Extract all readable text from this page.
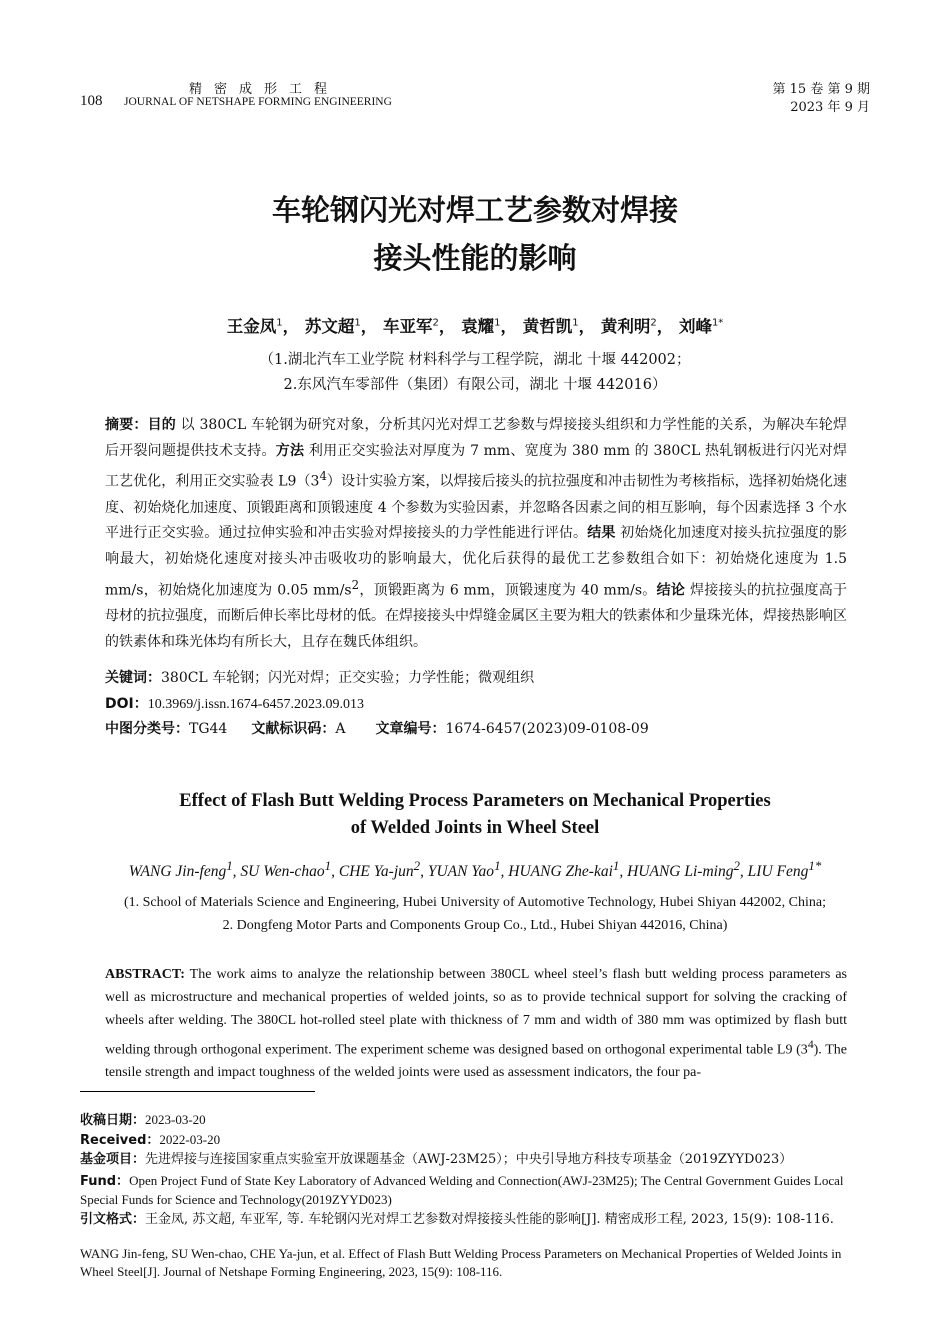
108
精密成形工程
JOURNAL OF NETSHAPE FORMING ENGINEERING
第 15 卷 第 9 期
2023 年 9 月
车轮钢闪光对焊工艺参数对焊接
接头性能的影响
王金凤$^1$， 苏文超$^1$， 车亚军$^2$， 袁耀$^1$， 黄哲凯$^1$， 黄利明$^2$， 刘峰$^{1*}$
（1.湖北汽车工业学院 材料科学与工程学院，湖北 十堰 442002；
2.东风汽车零部件（集团）有限公司，湖北 十堰 442016）
摘要：目的 以 380CL 车轮钢为研究对象，分析其闪光对焊工艺参数与焊接接头组织和力学性能的关系，为解决车轮焊后开裂问题提供技术支持。方法 利用正交实验法对厚度为 7 mm、宽度为 380 mm 的 380CL 热轧钢板进行闪光对焊工艺优化，利用正交实验表 $L9(3^4)$设计实验方案，以焊接后接头的抗拉强度和冲击韧性为考核指标，选择初始烧化速度、初始烧化加速度、顶锻距离和顶锻速度 4 个参数为实验因素，并忽略各因素之间的相互影响，每个因素选择 3 个水平进行正交实验。通过拉伸实验和冲击实验对焊接接头的力学性能进行评估。结果 初始烧化加速度对接头抗拉强度的影响最大，初始烧化速度对接头冲击吸收功的影响最大，优化后获得的最优工艺参数组合如下：初始烧化速度为 1.5 mm/s，初始烧化加速度为 0.05 $mm/s^2$，顶锻距离为 6 mm，顶锻速度为 40 mm/s。结论 焊接接头的抗拉强度高于母材的抗拉强度，而断后伸长率比母材的低。在焊接接头中焊缝金属区主要为粗大的铁素体和少量珠光体，焊接热影响区的铁素体和珠光体均有所长大，且存在魏氏体组织。
关键词：380CL 车轮钢；闪光对焊；正交实验；力学性能；微观组织
DOI：10.3969/j.issn.1674-6457.2023.09.013
中图分类号：TG44 文献标识码：A 文章编号：1674-6457(2023)09-0108-09
Effect of Flash Butt Welding Process Parameters on Mechanical Properties
of Welded Joints in Wheel Steel
WANG Jin-feng$^1$, SU Wen-chao$^1$, CHE Ya-jun$^2$, YUAN Yao$^1$, HUANG Zhe-kai$^1$, HUANG Li-ming$^2$, LIU Feng$^{1*}$
(1. School of Materials Science and Engineering, Hubei University of Automotive Technology, Hubei Shiyan 442002, China;
2. Dongfeng Motor Parts and Components Group Co., Ltd., Hubei Shiyan 442016, China)
ABSTRACT: The work aims to analyze the relationship between 380CL wheel steel’s flash butt welding process parameters as well as microstructure and mechanical properties of welded joints, so as to provide technical support for solving the cracking of wheels after welding. The 380CL hot-rolled steel plate with thickness of 7 mm and width of 380 mm was optimized by flash butt welding through orthogonal experiment. The experiment scheme was designed based on orthogonal experimental table L9 $(3^4)$. The tensile strength and impact toughness of the welded joints were used as assessment indicators, the four pa-
收稿日期：2023-03-20
Received：2022-03-20
基金项目：先进焊接与连接国家重点实验室开放课题基金（AWJ-23M25）；中央引导地方科技专项基金（2019ZYYD023）
Fund：Open Project Fund of State Key Laboratory of Advanced Welding and Connection(AWJ-23M25); The Central Government Guides Local Special Funds for Science and Technology(2019ZYYD023)
引文格式：王金凤, 苏文超, 车亚军, 等. 车轮钢闪光对焊工艺参数对焊接接头性能的影响[J]. 精密成形工程, 2023, 15(9): 108-116.
WANG Jin-feng, SU Wen-chao, CHE Ya-jun, et al. Effect of Flash Butt Welding Process Parameters on Mechanical Properties of Welded Joints in Wheel Steel[J]. Journal of Netshape Forming Engineering, 2023, 15(9): 108-116.
